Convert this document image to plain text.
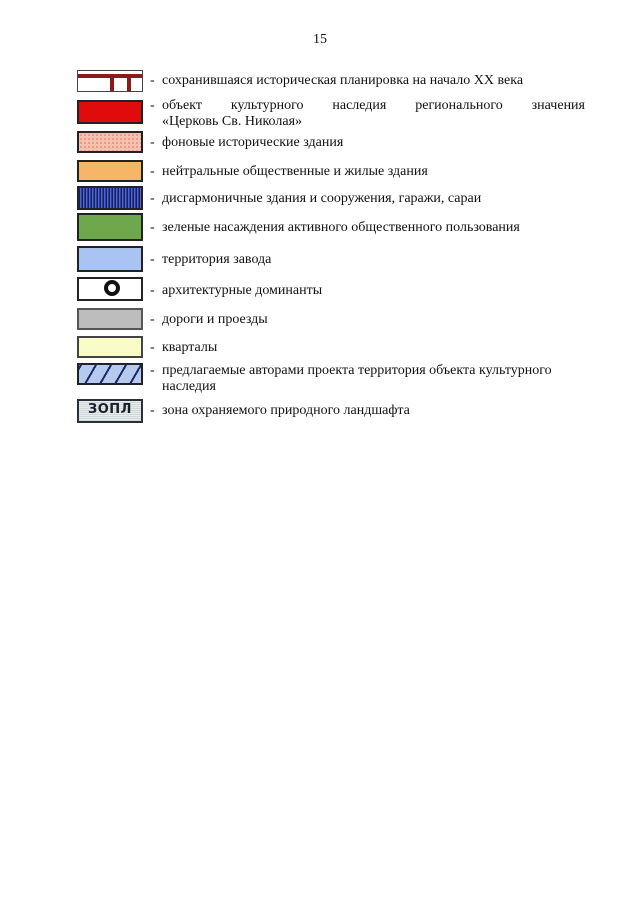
15
- сохранившаяся историческая планировка на начало XX века
- объект культурного наследия регионального значения
«Церковь Св. Николая»
- фоновые исторические здания
- нейтральные общественные и жилые здания
- дисгармоничные здания и сооружения, гаражи, сараи
- зеленые насаждения активного общественного пользования
- территория завода
- архитектурные доминанты
- дороги и проезды
- кварталы
- предлагаемые авторами проекта территория объекта культурного
наследия
ЗОПЛ	- зона охраняемого природного ландшафта
